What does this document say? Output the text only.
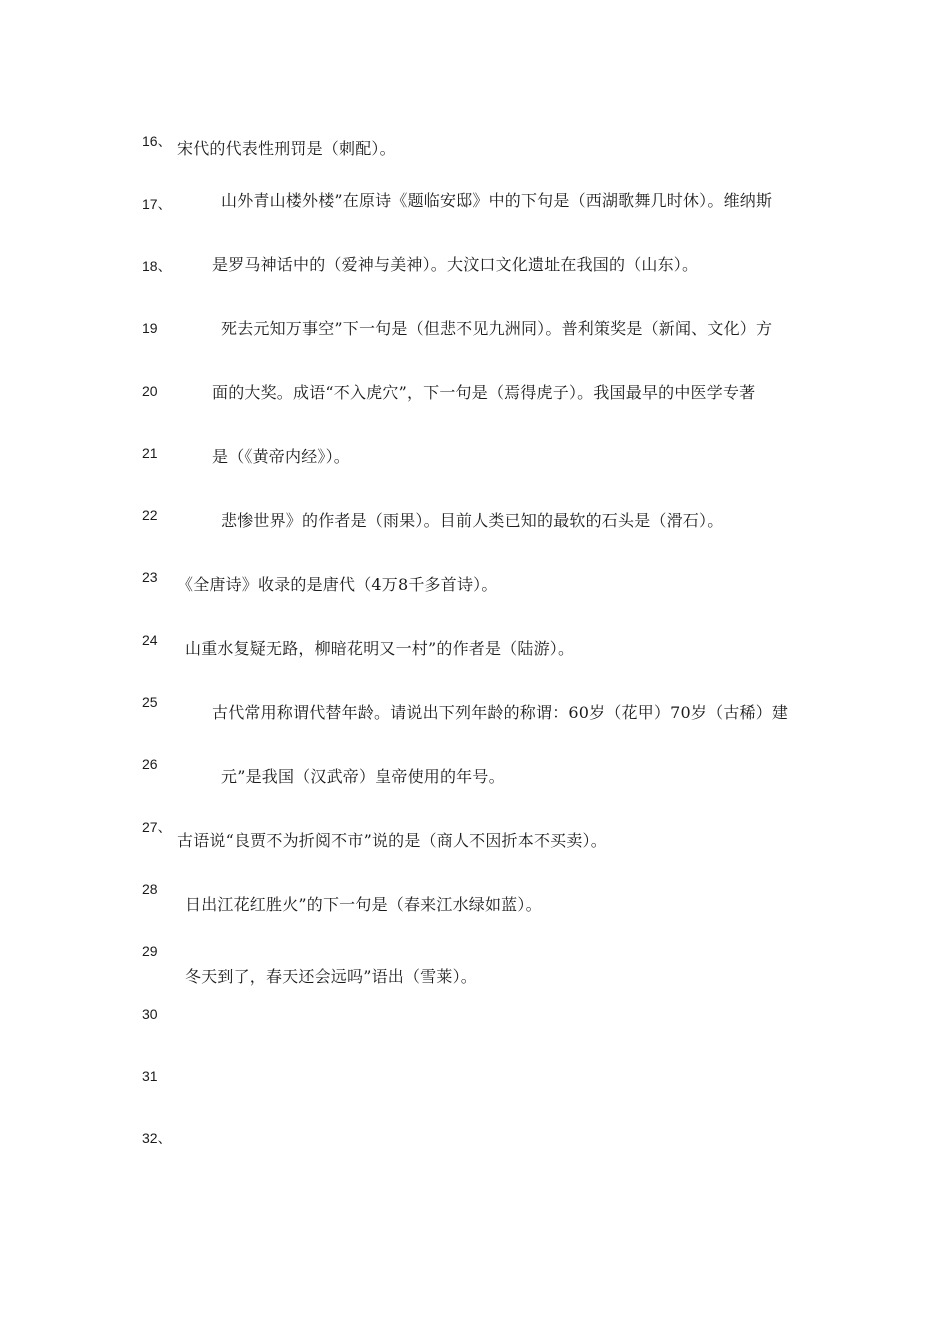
16、 宋代的代表性刑罚是（刺配）。
17、	山外青山楼外楼”在原诗《题临安邸》中的下句是（西湖歌舞几时休）。维纳斯
18、	是罗马神话中的（爱神与美神）。大汶口文化遗址在我国的（山东）。
19	死去元知万事空”下一句是（但悲不见九洲同）。普利策奖是（新闻、文化）方
20	面的大奖。成语“不入虎穴”，下一句是（焉得虎子）。我国最早的中医学专著
21	是（《黄帝内经》）。
22	悲惨世界》的作者是（雨果）。目前人类已知的最软的石头是（滑石）。
23 《全唐诗》收录的是唐代（4万8千多首诗）。
24 山重水复疑无路，柳暗花明又一村”的作者是（陆游）。
25
古代常用称谓代替年龄。请说出下列年龄的称谓：60岁（花甲）70岁（古稀）建
26
元”是我国（汉武帝）皇帝使用的年号。
27、
古语说“良贾不为折阅不市”说的是（商人不因折本不买卖）。
28
日出江花红胜火”的下一句是（春来江水绿如蓝）。
29
冬天到了，春天还会远吗”语出（雪莱）。
30
31
32、
